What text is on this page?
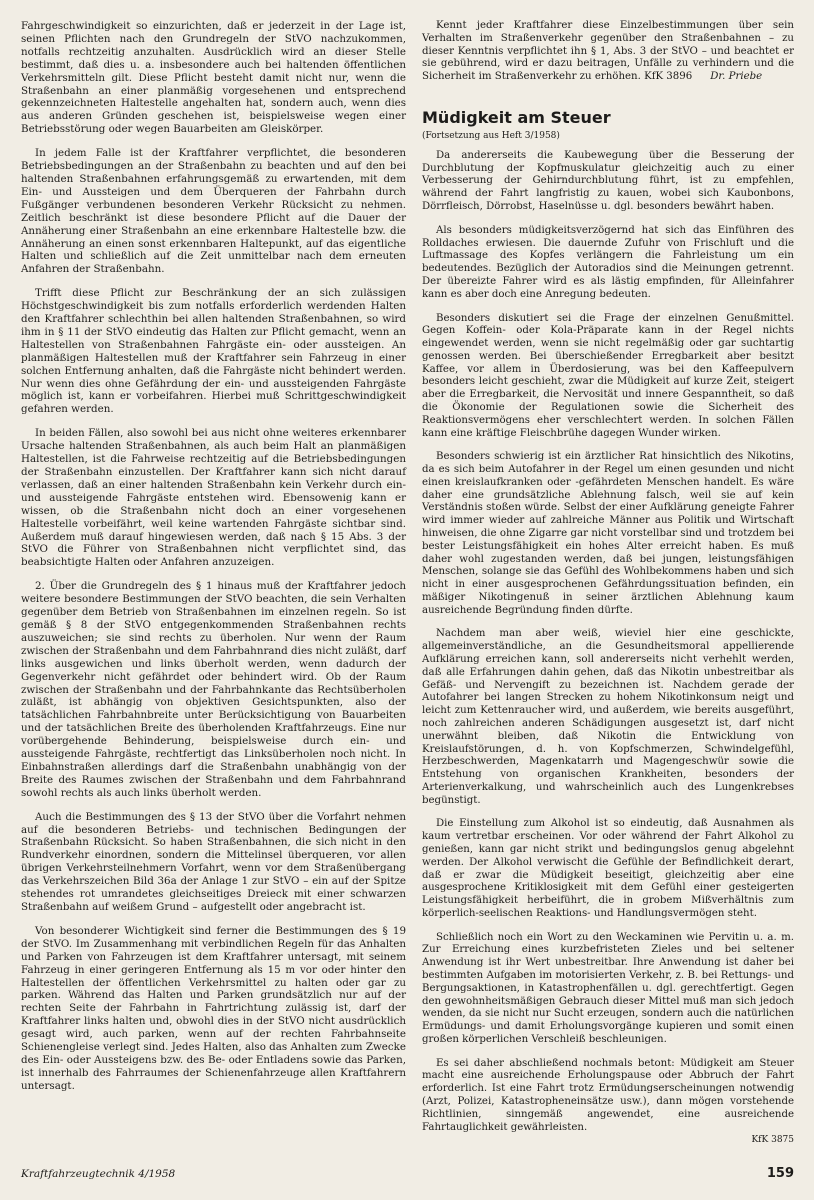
Fahrgeschwindigkeit so einzurichten, daß er jederzeit in der Lage ist, seinen Pflichten nach den Grundregeln der StVO nachzukommen, notfalls rechtzeitig anzuhalten. Ausdrücklich wird an dieser Stelle bestimmt, daß dies u. a. insbesondere auch bei haltenden öffentlichen Verkehrsmitteln gilt. Diese Pflicht besteht damit nicht nur, wenn die Straßenbahn an einer planmäßig vorgesehenen und entsprechend gekennzeichneten Haltestelle angehalten hat, sondern auch, wenn dies aus anderen Gründen geschehen ist, beispielsweise wegen einer Betriebsstörung oder wegen Bauarbeiten am Gleiskörper.

In jedem Falle ist der Kraftfahrer verpflichtet, die besonderen Betriebsbedingungen an der Straßenbahn zu beachten und auf den bei haltenden Straßenbahnen erfahrungsgemäß zu erwartenden, mit dem Ein- und Aussteigen und dem Überqueren der Fahrbahn durch Fußgänger verbundenen besonderen Verkehr Rücksicht zu nehmen. Zeitlich beschränkt ist diese besondere Pflicht auf die Dauer der Annäherung einer Straßenbahn an eine erkennbare Haltestelle bzw. die Annäherung an einen sonst erkennbaren Haltepunkt, auf das eigentliche Halten und schließlich auf die Zeit unmittelbar nach dem erneuten Anfahren der Straßenbahn.

Trifft diese Pflicht zur Beschränkung der an sich zulässigen Höchstgeschwindigkeit bis zum notfalls erforderlich werdenden Halten den Kraftfahrer schlechthin bei allen haltenden Straßenbahnen, so wird ihm in § 11 der StVO eindeutig das Halten zur Pflicht gemacht, wenn an Haltestellen von Straßenbahnen Fahrgäste ein- oder aussteigen. An planmäßigen Haltestellen muß der Kraftfahrer sein Fahrzeug in einer solchen Entfernung anhalten, daß die Fahrgäste nicht behindert werden. Nur wenn dies ohne Gefährdung der ein- und aussteigenden Fahrgäste möglich ist, kann er vorbeifahren. Hierbei muß Schrittgeschwindigkeit gefahren werden.

In beiden Fällen, also sowohl bei aus nicht ohne weiteres erkennbarer Ursache haltenden Straßenbahnen, als auch beim Halt an planmäßigen Haltestellen, ist die Fahrweise rechtzeitig auf die Betriebsbedingungen der Straßenbahn einzustellen. Der Kraftfahrer kann sich nicht darauf verlassen, daß an einer haltenden Straßenbahn kein Verkehr durch ein- und aussteigende Fahrgäste entstehen wird. Ebensowenig kann er wissen, ob die Straßenbahn nicht doch an einer vorgesehenen Haltestelle vorbeifährt, weil keine wartenden Fahrgäste sichtbar sind. Außerdem muß darauf hingewiesen werden, daß nach § 15 Abs. 3 der StVO die Führer von Straßenbahnen nicht verpflichtet sind, das beabsichtigte Halten oder Anfahren anzuzeigen.

2. Über die Grundregeln des § 1 hinaus muß der Kraftfahrer jedoch weitere besondere Bestimmungen der StVO beachten, die sein Verhalten gegenüber dem Betrieb von Straßenbahnen im einzelnen regeln. So ist gemäß § 8 der StVO entgegenkommenden Straßenbahnen rechts auszuweichen; sie sind rechts zu überholen. Nur wenn der Raum zwischen der Straßenbahn und dem Fahrbahnrand dies nicht zuläßt, darf links ausgewichen und links überholt werden, wenn dadurch der Gegenverkehr nicht gefährdet oder behindert wird. Ob der Raum zwischen der Straßenbahn und der Fahrbahnkante das Rechtsüberholen zuläßt, ist abhängig von objektiven Gesichtspunkten, also der tatsächlichen Fahrbahnbreite unter Berücksichtigung von Bauarbeiten und der tatsächlichen Breite des überholenden Kraftfahrzeugs. Eine nur vorübergehende Behinderung, beispielsweise durch ein- und aussteigende Fahrgäste, rechtfertigt das Linksüberholen noch nicht. In Einbahnstraßen allerdings darf die Straßenbahn unabhängig von der Breite des Raumes zwischen der Straßenbahn und dem Fahrbahnrand sowohl rechts als auch links überholt werden.

Auch die Bestimmungen des § 13 der StVO über die Vorfahrt nehmen auf die besonderen Betriebs- und technischen Bedingungen der Straßenbahn Rücksicht. So haben Straßenbahnen, die sich nicht in den Rundverkehr einordnen, sondern die Mittelinsel überqueren, vor allen übrigen Verkehrsteilnehmern Vorfahrt, wenn vor dem Straßenübergang das Verkehrszeichen Bild 36a der Anlage 1 zur StVO – ein auf der Spitze stehendes rot umrandetes gleichseitiges Dreieck mit einer schwarzen Straßenbahn auf weißem Grund – aufgestellt oder angebracht ist.

Von besonderer Wichtigkeit sind ferner die Bestimmungen des § 19 der StVO. Im Zusammenhang mit verbindlichen Regeln für das Anhalten und Parken von Fahrzeugen ist dem Kraftfahrer untersagt, mit seinem Fahrzeug in einer geringeren Entfernung als 15 m vor oder hinter den Haltestellen der öffentlichen Verkehrsmittel zu halten oder gar zu parken. Während das Halten und Parken grundsätzlich nur auf der rechten Seite der Fahrbahn in Fahrtrichtung zulässig ist, darf der Kraftfahrer links halten und, obwohl dies in der StVO nicht ausdrücklich gesagt wird, auch parken, wenn auf der rechten Fahrbahnseite Schienengleise verlegt sind. Jedes Halten, also das Anhalten zum Zwecke des Ein- oder Aussteigens bzw. des Be- oder Entladens sowie das Parken, ist innerhalb des Fahrraumes der Schienenfahrzeuge allen Kraftfahrern untersagt.

Kennt jeder Kraftfahrer diese Einzelbestimmungen über sein Verhalten im Straßenverkehr gegenüber den Straßenbahnen – zu dieser Kenntnis verpflichtet ihn § 1, Abs. 3 der StVO – und beachtet er sie gebührend, wird er dazu beitragen, Unfälle zu verhindern und die Sicherheit im Straßenverkehr zu erhöhen. KfK 3896 Dr. Priebe

Müdigkeit am Steuer
(Fortsetzung aus Heft 3/1958)

Da andererseits die Kaubewegung über die Besserung der Durchblutung der Kopfmuskulatur gleichzeitig auch zu einer Verbesserung der Gehirndurchblutung führt, ist zu empfehlen, während der Fahrt langfristig zu kauen, wobei sich Kaubonbons, Dörrfleisch, Dörrobst, Haselnüsse u. dgl. besonders bewährt haben.

Als besonders müdigkeitsverzögernd hat sich das Einführen des Rolldaches erwiesen. Die dauernde Zufuhr von Frischluft und die Luftmassage des Kopfes verlängern die Fahrleistung um ein bedeutendes. Bezüglich der Autoradios sind die Meinungen getrennt. Der übereizte Fahrer wird es als lästig empfinden, für Alleinfahrer kann es aber doch eine Anregung bedeuten.

Besonders diskutiert sei die Frage der einzelnen Genußmittel. Gegen Koffein- oder Kola-Präparate kann in der Regel nichts eingewendet werden, wenn sie nicht regelmäßig oder gar suchtartig genossen werden. Bei überschießender Erregbarkeit aber besitzt Kaffee, vor allem in Überdosierung, was bei den Kaffeepulvern besonders leicht geschieht, zwar die Müdigkeit auf kurze Zeit, steigert aber die Erregbarkeit, die Nervosität und innere Gespanntheit, so daß die Ökonomie der Regulationen sowie die Sicherheit des Reaktionsvermögens eher verschlechtert werden. In solchen Fällen kann eine kräftige Fleischbrühe dagegen Wunder wirken.

Besonders schwierig ist ein ärztlicher Rat hinsichtlich des Nikotins, da es sich beim Autofahrer in der Regel um einen gesunden und nicht einen kreislaufkranken oder -gefährdeten Menschen handelt. Es wäre daher eine grundsätzliche Ablehnung falsch, weil sie auf kein Verständnis stoßen würde. Selbst der einer Aufklärung geneigte Fahrer wird immer wieder auf zahlreiche Männer aus Politik und Wirtschaft hinweisen, die ohne Zigarre gar nicht vorstellbar sind und trotzdem bei bester Leistungsfähigkeit ein hohes Alter erreicht haben. Es muß daher wohl zugestanden werden, daß bei jungen, leistungsfähigen Menschen, solange sie das Gefühl des Wohlbekommens haben und sich nicht in einer ausgesprochenen Gefährdungssituation befinden, ein mäßiger Nikotingenuß in seiner ärztlichen Ablehnung kaum ausreichende Begründung finden dürfte.

Nachdem man aber weiß, wieviel hier eine geschickte, allgemeinverständliche, an die Gesundheitsmoral appellierende Aufklärung erreichen kann, soll andererseits nicht verhehlt werden, daß alle Erfahrungen dahin gehen, daß das Nikotin unbestreitbar als Gefäß- und Nervengift zu bezeichnen ist. Nachdem gerade der Autofahrer bei langen Strecken zu hohem Nikotinkonsum neigt und leicht zum Kettenraucher wird, und außerdem, wie bereits ausgeführt, noch zahlreichen anderen Schädigungen ausgesetzt ist, darf nicht unerwähnt bleiben, daß Nikotin die Entwicklung von Kreislaufstörungen, d. h. von Kopfschmerzen, Schwindelgefühl, Herzbeschwerden, Magenkatarrh und Magengeschwür sowie die Entstehung von organischen Krankheiten, besonders der Arterienverkalkung, und wahrscheinlich auch des Lungenkrebses begünstigt.

Die Einstellung zum Alkohol ist so eindeutig, daß Ausnahmen als kaum vertretbar erscheinen. Vor oder während der Fahrt Alkohol zu genießen, kann gar nicht strikt und bedingungslos genug abgelehnt werden. Der Alkohol verwischt die Gefühle der Befindlichkeit derart, daß er zwar die Müdigkeit beseitigt, gleichzeitig aber eine ausgesprochene Kritiklosigkeit mit dem Gefühl einer gesteigerten Leistungsfähigkeit herbeiführt, die in grobem Mißverhältnis zum körperlich-seelischen Reaktions- und Handlungsvermögen steht.

Schließlich noch ein Wort zu den Weckaminen wie Pervitin u. a. m. Zur Erreichung eines kurzbefristeten Zieles und bei seltener Anwendung ist ihr Wert unbestreitbar. Ihre Anwendung ist daher bei bestimmten Aufgaben im motorisierten Verkehr, z. B. bei Rettungs- und Bergungsaktionen, in Katastrophenfällen u. dgl. gerechtfertigt. Gegen den gewohnheitsmäßigen Gebrauch dieser Mittel muß man sich jedoch wenden, da sie nicht nur Sucht erzeugen, sondern auch die natürlichen Ermüdungs- und damit Erholungsvorgänge kupieren und somit einen großen körperlichen Verschleiß beschleunigen.

Es sei daher abschließend nochmals betont: Müdigkeit am Steuer macht eine ausreichende Erholungspause oder Abbruch der Fahrt erforderlich. Ist eine Fahrt trotz Ermüdungserscheinungen notwendig (Arzt, Polizei, Katastropheneinsätze usw.), dann mögen vorstehende Richtlinien, sinngemäß angewendet, eine ausreichende Fahrtauglichkeit gewährleisten.
KfK 3875

Kraftfahrzeugtechnik 4/1958	159
